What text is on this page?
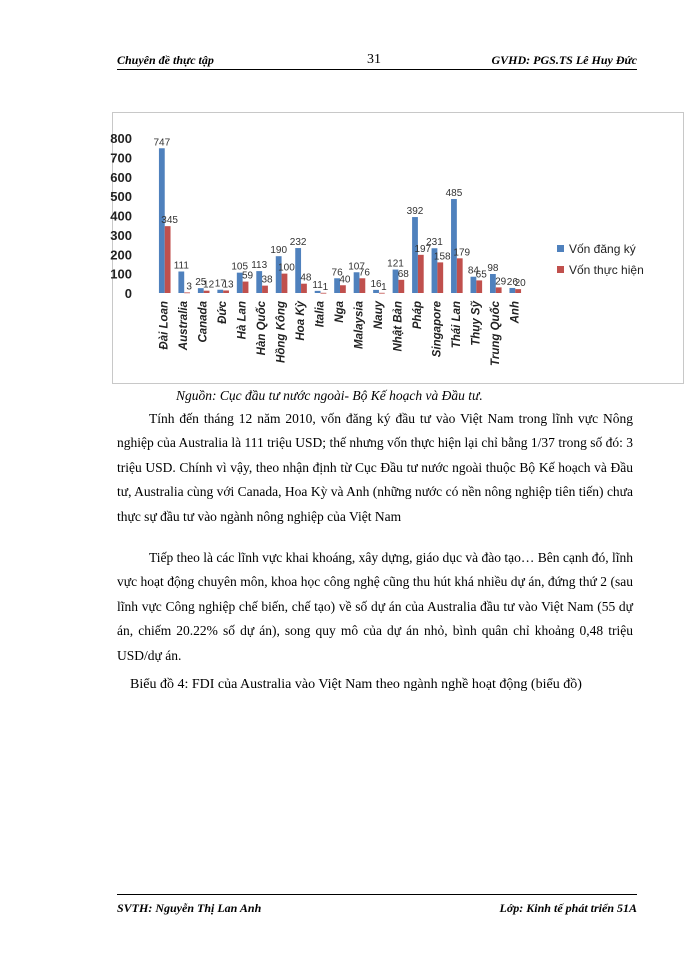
Chuyên đề thực tập	31	GVHD: PGS.TS Lê Huy Đức
0
100
200
300
400
500
600
700
800 747
345
Đài Loan
111
3
Australia
25
12
Canada
17
13
Đức
105
59
Hà Lan
113
38
Hàn Quốc
190
100
Hồng Kông
232
48
Hoa Kỳ
11 1
Italia
76
40
Nga
107
76
Malaysia
16 1
Nauy
121
68
Nhật Bản
392
197
Pháp
231
158
Singapore
485
179
Thái Lan
84
65
Thụy Sỹ
98
29
Trung Quốc
26
20
Anh
Vốn đăng ký
Vốn thực hiện
Nguồn: Cục đầu tư nước ngoài- Bộ Kế hoạch và Đầu tư.
Tính đến tháng 12 năm 2010, vốn đăng ký đầu tư vào Việt Nam trong lĩnh vực Nông nghiệp của Australia là 111 triệu USD; thế nhưng vốn thực hiện lại chỉ bằng 1/37 trong số đó: 3 triệu USD. Chính vì vậy, theo nhận định từ Cục Đầu tư nước ngoài thuộc Bộ Kế hoạch và Đầu tư, Australia cùng với Canada, Hoa Kỳ và Anh (những nước có nền nông nghiệp tiên tiến) chưa thực sự đầu tư vào ngành nông nghiệp của Việt Nam
Tiếp theo là các lĩnh vực khai khoáng, xây dựng, giáo dục và đào tạo… Bên cạnh đó, lĩnh vực hoạt động chuyên môn, khoa học công nghệ cũng thu hút khá nhiều dự án, đứng thứ 2 (sau lĩnh vực Công nghiệp chế biến, chế tạo) về số dự án của Australia đầu tư vào Việt Nam (55 dự án, chiếm 20.22% số dự án), song quy mô của dự án nhỏ, bình quân chỉ khoảng 0,48 triệu USD/dự án.
Biểu đồ 4: FDI của Australia vào Việt Nam theo ngành nghề hoạt động (biểu đồ)
SVTH: Nguyễn Thị Lan Anh	Lớp: Kinh tế phát triển 51A
